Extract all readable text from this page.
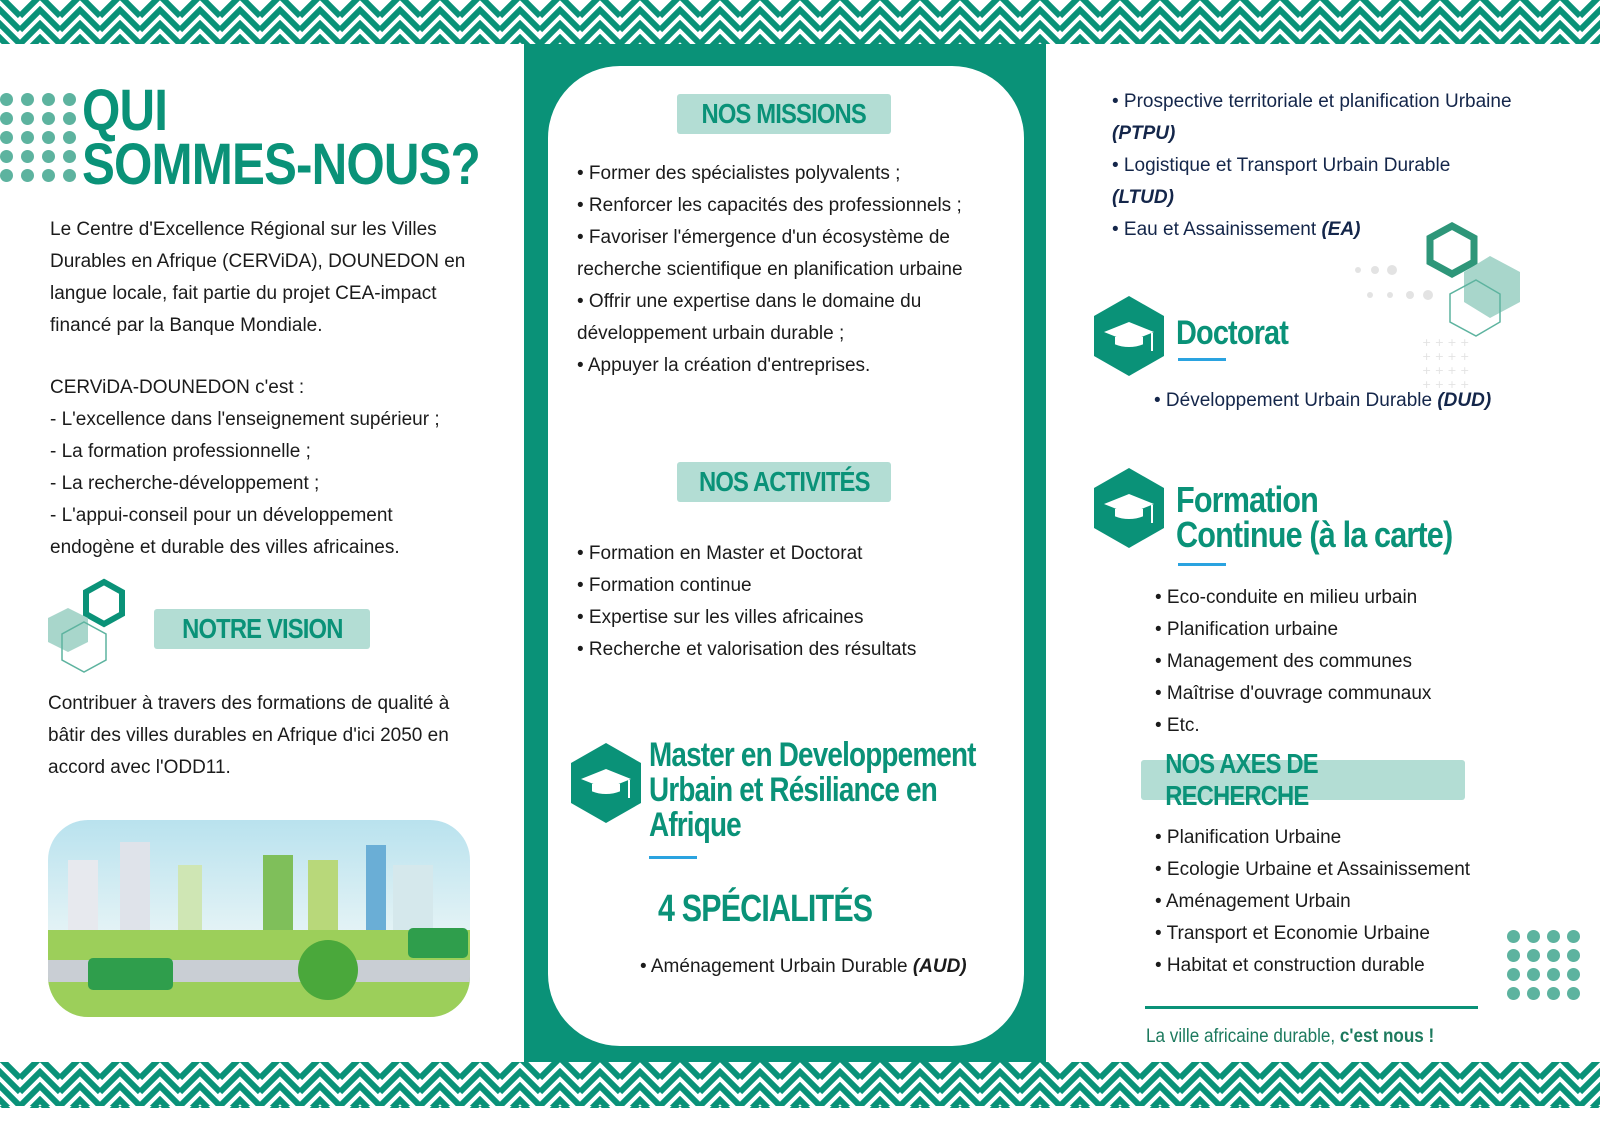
QUI
SOMMES-NOUS?
Le Centre d'Excellence Régional sur les Villes Durables en Afrique (CERViDA), DOUNEDON en langue locale, fait partie du projet CEA-impact financé par la Banque Mondiale.
CERViDA-DOUNEDON c'est :
- L'excellence dans l'enseignement supérieur ;
- La formation professionnelle ;
- La recherche-développement ;
- L'appui-conseil pour un développement endogène et durable des villes africaines.
NOTRE VISION
Contribuer à travers des formations de qualité à bâtir des villes durables en Afrique d'ici 2050 en accord avec l'ODD11.
NOS MISSIONS
• Former des spécialistes polyvalents ;
• Renforcer les capacités des professionnels ;
• Favoriser l'émergence d'un écosystème de recherche scientifique en planification urbaine
• Offrir une expertise dans le domaine du développement urbain durable ;
• Appuyer la création d'entreprises.
NOS ACTIVITÉS
• Formation en Master et Doctorat
• Formation continue
• Expertise sur les villes africaines
• Recherche et valorisation des résultats
Master en Developpement Urbain et Résiliance en Afrique
4 SPÉCIALITÉS
• Aménagement Urbain Durable (AUD)
• Prospective territoriale et planification Urbaine (PTPU)
• Logistique et Transport Urbain Durable (LTUD)
• Eau et Assainissement (EA)
+ + + +
+ + + +
+ + + +
+ + + +
Doctorat
• Développement Urbain Durable (DUD)
Formation
Continue (à la carte)
• Eco-conduite en milieu urbain
• Planification urbaine
• Management des communes
• Maîtrise d'ouvrage communaux
• Etc.
NOS AXES DE RECHERCHE
• Planification Urbaine
• Ecologie Urbaine et Assainissement
• Aménagement Urbain
• Transport et Economie Urbaine
• Habitat et construction durable
La ville africaine durable, c'est nous !
